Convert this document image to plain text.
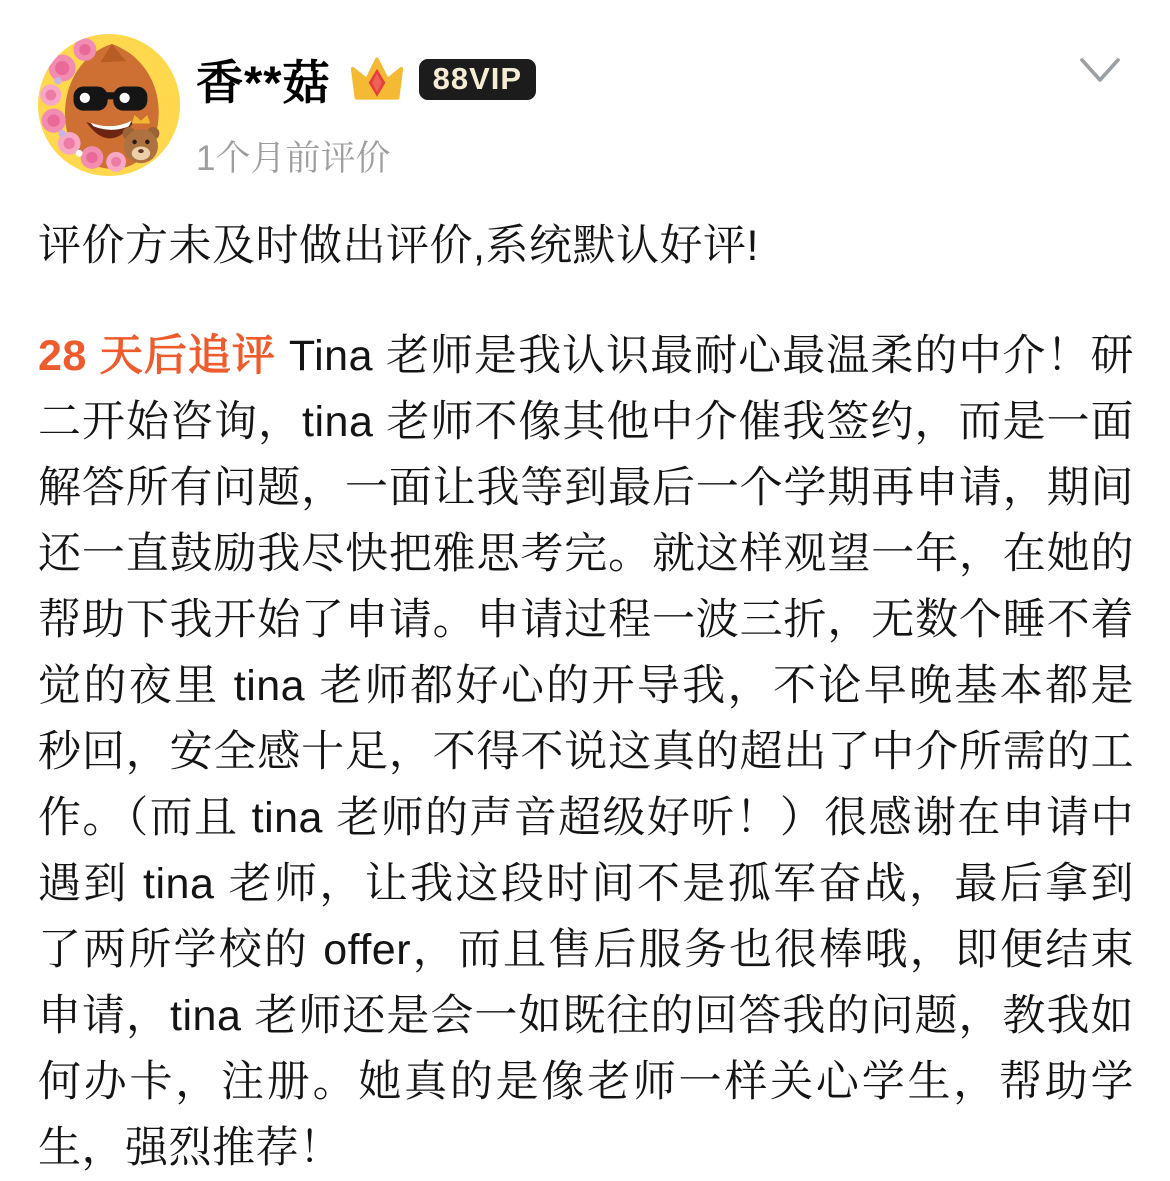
香**菇	88VIP
1个月前评价

评价方未及时做出评价,系统默认好评!

28 天后追评 Tina 老师是我认识最耐心最温柔的中介！研二开始咨询，tina 老师不像其他中介催我签约，而是一面解答所有问题，一面让我等到最后一个学期再申请，期间还一直鼓励我尽快把雅思考完。就这样观望一年，在她的帮助下我开始了申请。申请过程一波三折，无数个睡不着觉的夜里 tina 老师都好心的开导我，不论早晚基本都是秒回，安全感十足，不得不说这真的超出了中介所需的工作。（而且 tina 老师的声音超级好听！）很感谢在申请中遇到 tina 老师，让我这段时间不是孤军奋战，最后拿到了两所学校的 offer，而且售后服务也很棒哦，即便结束申请，tina 老师还是会一如既往的回答我的问题，教我如何办卡，注册。她真的是像老师一样关心学生，帮助学生，强烈推荐！
